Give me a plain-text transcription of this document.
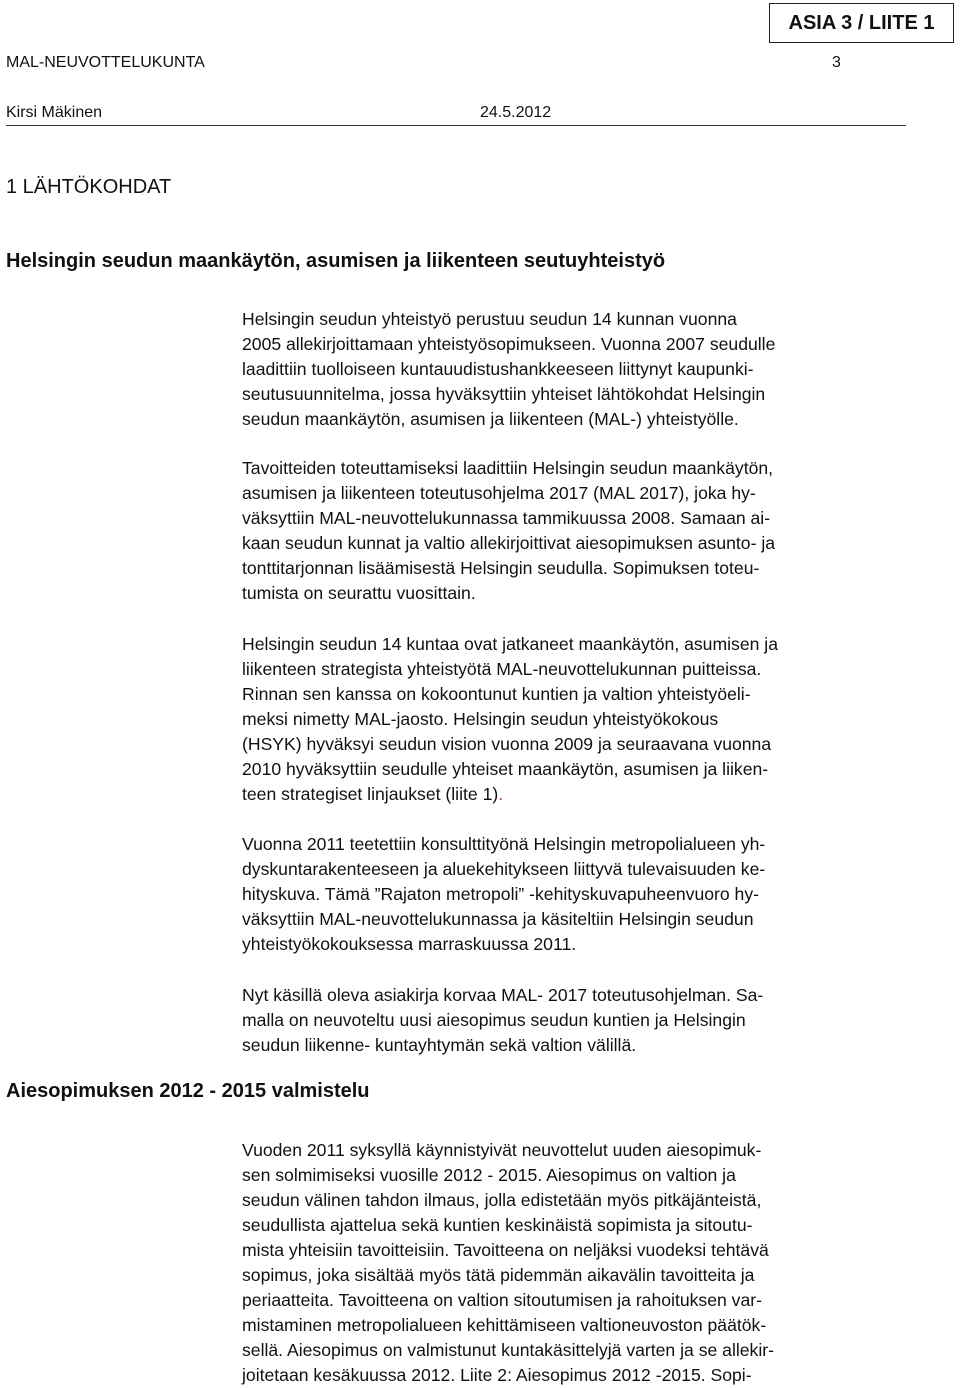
ASIA 3 / LIITE 1
MAL-NEUVOTTELUKUNTA	3
Kirsi Mäkinen	24.5.2012
1 LÄHTÖKOHDAT
Helsingin seudun maankäytön, asumisen ja liikenteen seutuyhteistyö

Helsingin seudun yhteistyö perustuu seudun 14 kunnan vuonna
2005 allekirjoittamaan yhteistyösopimukseen. Vuonna 2007 seudulle
laadittiin tuolloiseen kuntauudistushankkeeseen liittynyt kaupunki-
seutusuunnitelma, jossa hyväksyttiin yhteiset lähtökohdat Helsingin
seudun maankäytön, asumisen ja liikenteen (MAL-) yhteistyölle.

Tavoitteiden toteuttamiseksi laadittiin Helsingin seudun maankäytön,
asumisen ja liikenteen toteutusohjelma 2017 (MAL 2017), joka hy-
väksyttiin MAL-neuvottelukunnassa tammikuussa 2008. Samaan ai-
kaan seudun kunnat ja valtio allekirjoittivat aiesopimuksen asunto- ja
tonttitarjonnan lisäämisestä Helsingin seudulla. Sopimuksen toteu-
tumista on seurattu vuosittain.

Helsingin seudun 14 kuntaa ovat jatkaneet maankäytön, asumisen ja
liikenteen strategista yhteistyötä MAL-neuvottelukunnan puitteissa.
Rinnan sen kanssa on kokoontunut kuntien ja valtion yhteistyöeli-
meksi nimetty MAL-jaosto. Helsingin seudun yhteistyökokous
(HSYK) hyväksyi seudun vision vuonna 2009 ja seuraavana vuonna
2010 hyväksyttiin seudulle yhteiset maankäytön, asumisen ja liiken-
teen strategiset linjaukset (liite 1).

Vuonna 2011 teetettiin konsulttityönä Helsingin metropolialueen yh-
dyskuntarakenteeseen ja aluekehitykseen liittyvä tulevaisuuden ke-
hityskuva. Tämä ”Rajaton metropoli” -kehityskuvapuheenvuoro hy-
väksyttiin MAL-neuvottelukunnassa ja käsiteltiin Helsingin seudun
yhteistyökokouksessa marraskuussa 2011.

Nyt käsillä oleva asiakirja korvaa MAL- 2017 toteutusohjelman. Sa-
malla on neuvoteltu uusi aiesopimus seudun kuntien ja Helsingin
seudun liikenne- kuntayhtymän sekä valtion välillä.

Aiesopimuksen 2012 - 2015 valmistelu

Vuoden 2011 syksyllä käynnistyivät neuvottelut uuden aiesopimuk-
sen solmimiseksi vuosille 2012 - 2015. Aiesopimus on valtion ja
seudun välinen tahdon ilmaus, jolla edistetään myös pitkäjänteistä,
seudullista ajattelua sekä kuntien keskinäistä sopimista ja sitoutu-
mista yhteisiin tavoitteisiin. Tavoitteena on neljäksi vuodeksi tehtävä
sopimus, joka sisältää myös tätä pidemmän aikavälin tavoitteita ja
periaatteita. Tavoitteena on valtion sitoutumisen ja rahoituksen var-
mistaminen metropolialueen kehittämiseen valtioneuvoston päätök-
sellä. Aiesopimus on valmistunut kuntakäsittelyjä varten ja se allekir-
joitetaan kesäkuussa 2012. Liite 2: Aiesopimus 2012 -2015. Sopi-
